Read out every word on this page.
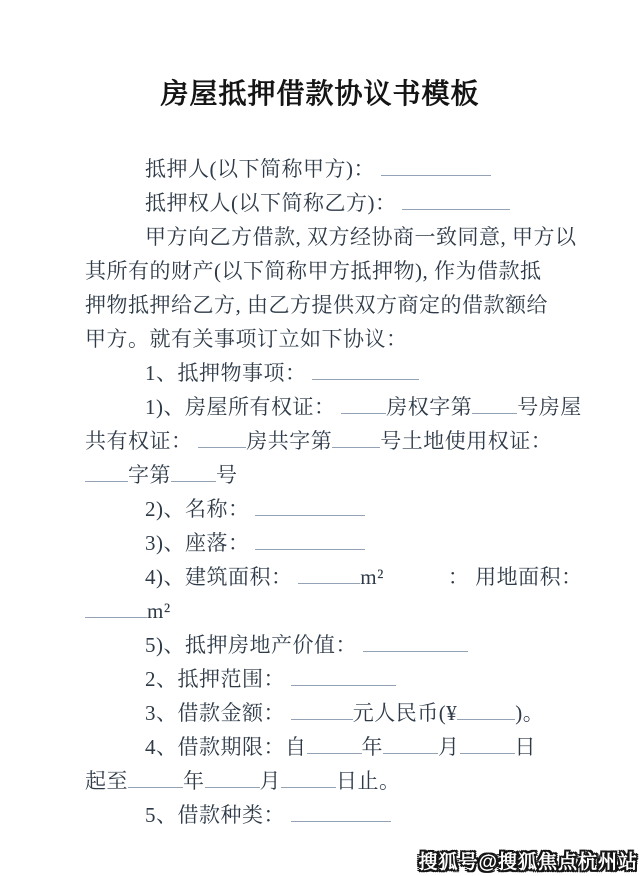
房屋抵押借款协议书模板
抵押人(以下简称甲方)：
抵押权人(以下简称乙方)：
甲方向乙方借款, 双方经协商一致同意, 甲方以
其所有的财产(以下简称甲方抵押物), 作为借款抵
押物抵押给乙方, 由乙方提供双方商定的借款额给
甲方。就有关事项订立如下协议：
1、抵押物事项：
1)、房屋所有权证： 房权字第 号房屋
共有权证： 房共字第 号土地使用权证：
字第 号
2)、名称：
3)、座落：
4)、建筑面积：	m²	： 用地面积：
m²
5)、抵押房地产价值：
2、抵押范围：
3、借款金额：	元人民币(¥	)。
4、借款期限：自	年	月	日
起至	年	月	日止。
5、借款种类：
搜狐号@搜狐焦点杭州站
